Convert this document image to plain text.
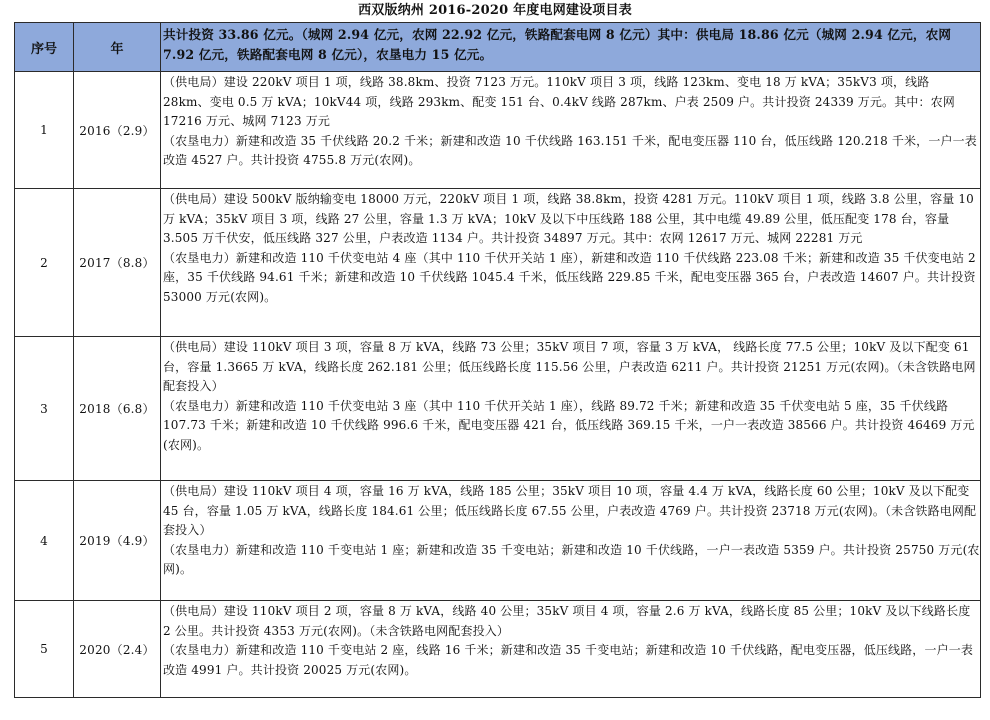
西双版纳州 2016-2020 年度电网建设项目表
序号	年	共计投资 33.86 亿元。（城网 2.94 亿元，农网 22.92 亿元，铁路配套电网 8 亿元）其中：供电局 18.86 亿元（城网 2.94 亿元，农网 7.92 亿元，铁路配套电网 8 亿元），农垦电力 15 亿元。
1	2016（2.9）	（供电局）建设 220kV 项目 1 项，线路 38.8km、投资 7123 万元。110kV 项目 3 项，线路 123km、变电 18 万 kVA；35kV3 项，线路 28km、变电 0.5 万 kVA；10kV44 项，线路 293km、配变 151 台、0.4kV 线路 287km、户表 2509 户。共计投资 24339 万元。其中：农网 17216 万元、城网 7123 万元
（农垦电力）新建和改造 35 千伏线路 20.2 千米；新建和改造 10 千伏线路 163.151 千米，配电变压器 110 台，低压线路 120.218 千米，一户一表改造 4527 户。共计投资 4755.8 万元(农网)。

2	2017（8.8）	（供电局）建设 500kV 版纳输变电 18000 万元，220kV 项目 1 项，线路 38.8km，投资 4281 万元。110kV 项目 1 项，线路 3.8 公里，容量 10 万 kVA；35kV 项目 3 项，线路 27 公里，容量 1.3 万 kVA；10kV 及以下中压线路 188 公里，其中电缆 49.89 公里，低压配变 178 台，容量 3.505 万千伏安，低压线路 327 公里，户表改造 1134 户。共计投资 34897 万元。其中：农网 12617 万元、城网 22281 万元
（农垦电力）新建和改造 110 千伏变电站 4 座（其中 110 千伏开关站 1 座），新建和改造 110 千伏线路 223.08 千米；新建和改造 35 千伏变电站 2 座，35 千伏线路 94.61 千米；新建和改造 10 千伏线路 1045.4 千米，低压线路 229.85 千米，配电变压器 365 台，户表改造 14607 户。共计投资 53000 万元(农网)。

3	2018（6.8）	（供电局）建设 110kV 项目 3 项，容量 8 万 kVA，线路 73 公里；35kV 项目 7 项，容量 3 万 kVA， 线路长度 77.5 公里；10kV 及以下配变 61 台，容量 1.3665 万 kVA，线路长度 262.181 公里；低压线路长度 115.56 公里，户表改造 6211 户。共计投资 21251 万元(农网)。（未含铁路电网配套投入）
（农垦电力）新建和改造 110 千伏变电站 3 座（其中 110 千伏开关站 1 座），线路 89.72 千米；新建和改造 35 千伏变电站 5 座，35 千伏线路 107.73 千米；新建和改造 10 千伏线路 996.6 千米，配电变压器 421 台，低压线路 369.15 千米，一户一表改造 38566 户。共计投资 46469 万元(农网)。

4	2019（4.9）	（供电局）建设 110kV 项目 4 项，容量 16 万 kVA，线路 185 公里；35kV 项目 10 项，容量 4.4 万 kVA，线路长度 60 公里；10kV 及以下配变 45 台，容量 1.05 万 kVA，线路长度 184.61 公里；低压线路长度 67.55 公里，户表改造 4769 户。共计投资 23718 万元(农网)。（未含铁路电网配套投入）
（农垦电力）新建和改造 110 千变电站 1 座；新建和改造 35 千变电站；新建和改造 10 千伏线路，一户一表改造 5359 户。共计投资 25750 万元(农网)。

5	2020（2.4）	（供电局）建设 110kV 项目 2 项，容量 8 万 kVA，线路 40 公里；35kV 项目 4 项，容量 2.6 万 kVA，线路长度 85 公里；10kV 及以下线路长度 2 公里。共计投资 4353 万元(农网)。（未含铁路电网配套投入）
（农垦电力）新建和改造 110 千变电站 2 座，线路 16 千米；新建和改造 35 千变电站；新建和改造 10 千伏线路，配电变压器，低压线路，一户一表改造 4991 户。共计投资 20025 万元(农网)。
